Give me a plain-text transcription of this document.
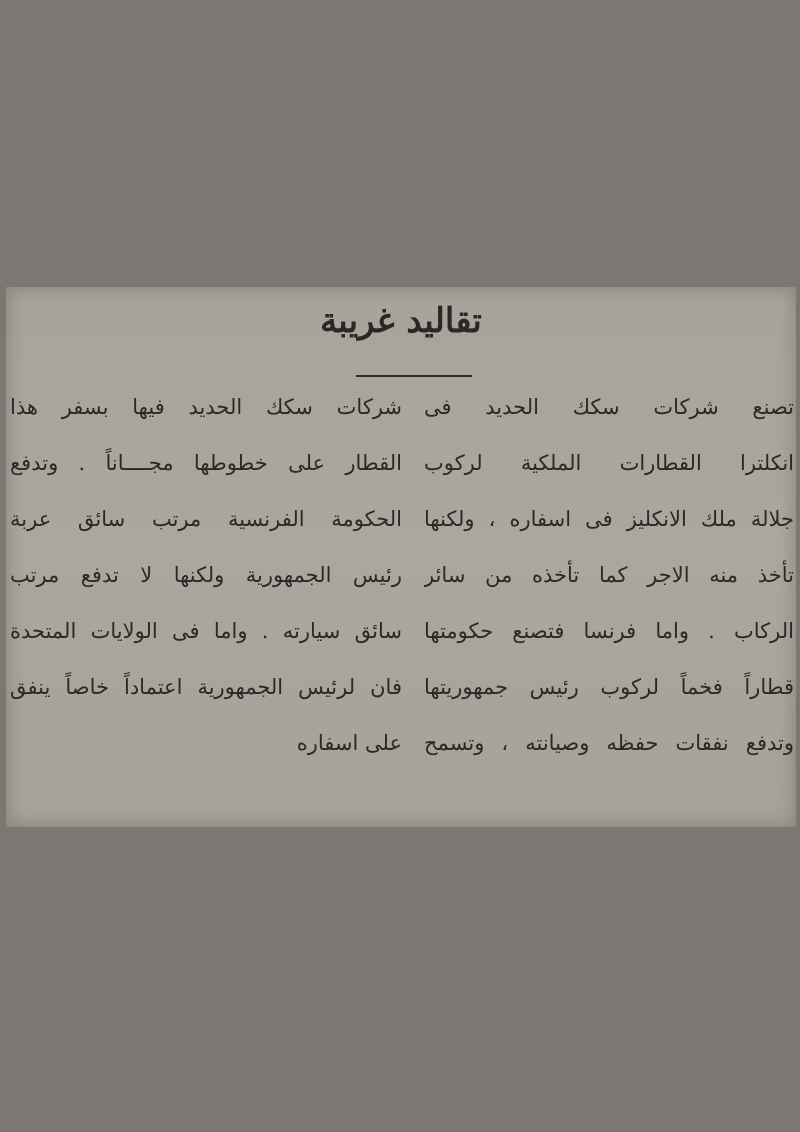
تقاليد غريبة
تصنع شركات سكك الحديد فى
انكلترا القطارات الملكية لركوب
جلالة ملك الانكليز فى اسفاره ، ولكنها
تأخذ منه الاجر كما تأخذه من سائر
الركاب . واما فرنسا فتصنع حكومتها
قطاراً فخماً لركوب رئيس جمهوريتها
وتدفع نفقات حفظه وصيانته ، وتسمح
شركات سكك الحديد فيها بسفر هذا
القطار على خطوطها مجــــاناً . وتدفع
الحكومة الفرنسية مرتب سائق عربة
رئيس الجمهورية ولكنها لا تدفع مرتب
سائق سيارته . واما فى الولايات المتحدة
فان لرئيس الجمهورية اعتماداً خاصاً ينفق
على اسفاره
